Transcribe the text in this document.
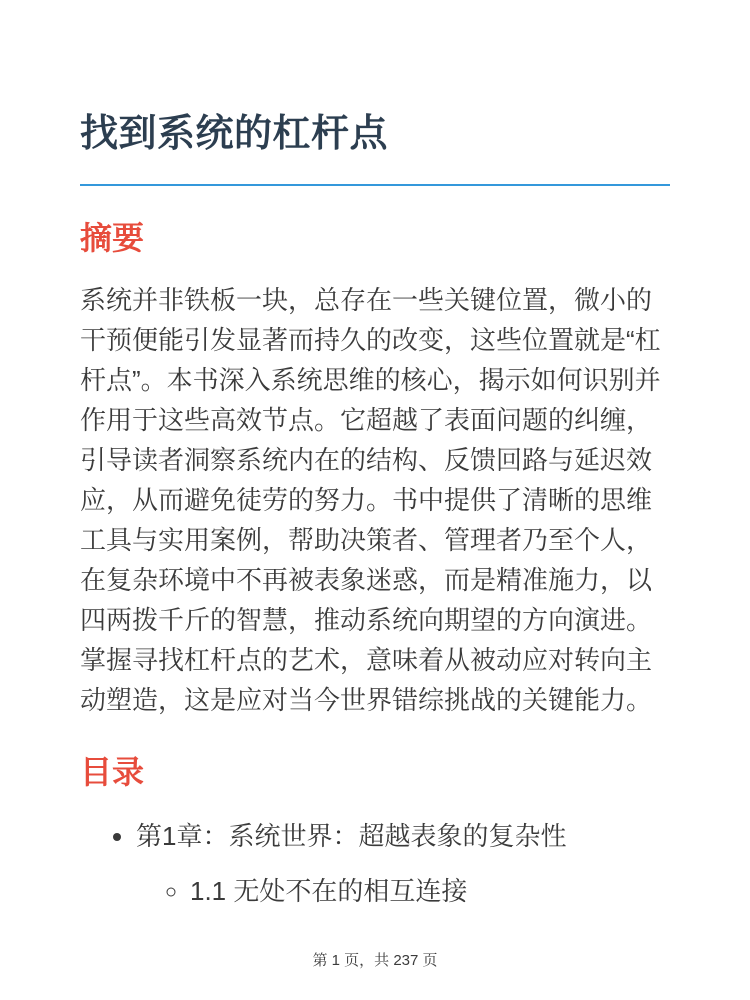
找到系统的杠杆点
摘要

系统并非铁板一块，总存在一些关键位置，微小的干预便能引发显著而持久的改变，这些位置就是“杠杆点”。本书深入系统思维的核心，揭示如何识别并作用于这些高效节点。它超越了表面问题的纠缠，引导读者洞察系统内在的结构、反馈回路与延迟效应，从而避免徒劳的努力。书中提供了清晰的思维工具与实用案例，帮助决策者、管理者乃至个人，在复杂环境中不再被表象迷惑，而是精准施力，以四两拨千斤的智慧，推动系统向期望的方向演进。掌握寻找杠杆点的艺术，意味着从被动应对转向主动塑造，这是应对当今世界错综挑战的关键能力。

目录
• 第1章：系统世界：超越表象的复杂性
◦ 1.1 无处不在的相互连接
第 1 页，共 237 页
